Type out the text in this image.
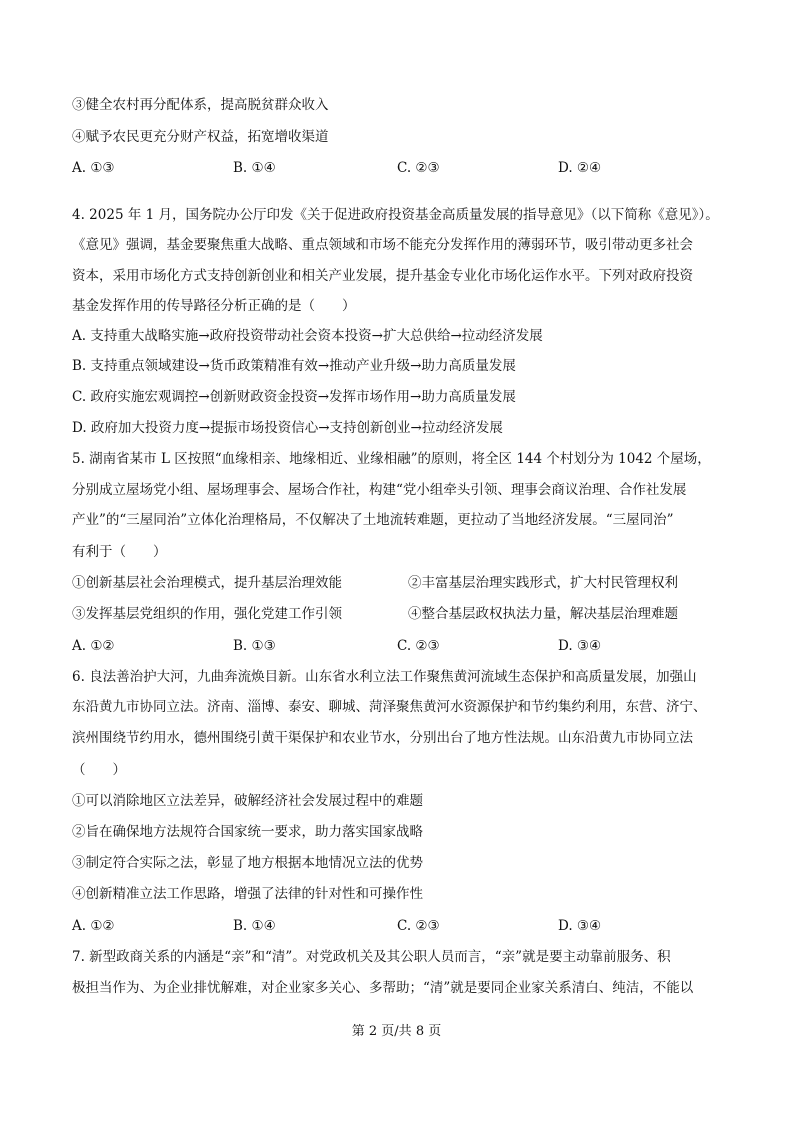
③健全农村再分配体系，提高脱贫群众收入
④赋予农民更充分财产权益，拓宽增收渠道
A. ①③	B. ①④	C. ②③	D. ②④
4. 2025 年 1 月，国务院办公厅印发《关于促进政府投资基金高质量发展的指导意见》（以下简称《意见》）。
《意见》强调，基金要聚焦重大战略、重点领域和市场不能充分发挥作用的薄弱环节，吸引带动更多社会
资本，采用市场化方式支持创新创业和相关产业发展，提升基金专业化市场化运作水平。下列对政府投资
基金发挥作用的传导路径分析正确的是（　　）
A. 支持重大战略实施→政府投资带动社会资本投资→扩大总供给→拉动经济发展
B. 支持重点领域建设→货币政策精准有效→推动产业升级→助力高质量发展
C. 政府实施宏观调控→创新财政资金投资→发挥市场作用→助力高质量发展
D. 政府加大投资力度→提振市场投资信心→支持创新创业→拉动经济发展
5. 湖南省某市 L 区按照“血缘相亲、地缘相近、业缘相融”的原则，将全区 144 个村划分为 1042 个屋场，
分别成立屋场党小组、屋场理事会、屋场合作社，构建“党小组牵头引领、理事会商议治理、合作社发展
产业”的“三屋同治”立体化治理格局，不仅解决了土地流转难题，更拉动了当地经济发展。“三屋同治”
有利于（　　）
①创新基层社会治理模式，提升基层治理效能	②丰富基层治理实践形式，扩大村民管理权利
③发挥基层党组织的作用，强化党建工作引领	④整合基层政权执法力量，解决基层治理难题
A. ①②	B. ①③	C. ②③	D. ③④
6. 良法善治护大河，九曲奔流焕目新。山东省水利立法工作聚焦黄河流域生态保护和高质量发展，加强山
东沿黄九市协同立法。济南、淄博、泰安、聊城、菏泽聚焦黄河水资源保护和节约集约利用，东营、济宁、
滨州围绕节约用水，德州围绕引黄干渠保护和农业节水，分别出台了地方性法规。山东沿黄九市协同立法
（　　）
①可以消除地区立法差异，破解经济社会发展过程中的难题
②旨在确保地方法规符合国家统一要求，助力落实国家战略
③制定符合实际之法，彰显了地方根据本地情况立法的优势
④创新精准立法工作思路，增强了法律的针对性和可操作性
A. ①②	B. ①④	C. ②③	D. ③④
7. 新型政商关系的内涵是“亲”和“清”。对党政机关及其公职人员而言，“亲”就是要主动靠前服务、积
极担当作为、为企业排忧解难，对企业家多关心、多帮助；“清”就是要同企业家关系清白、纯洁，不能以
第 2 页/共 8 页
